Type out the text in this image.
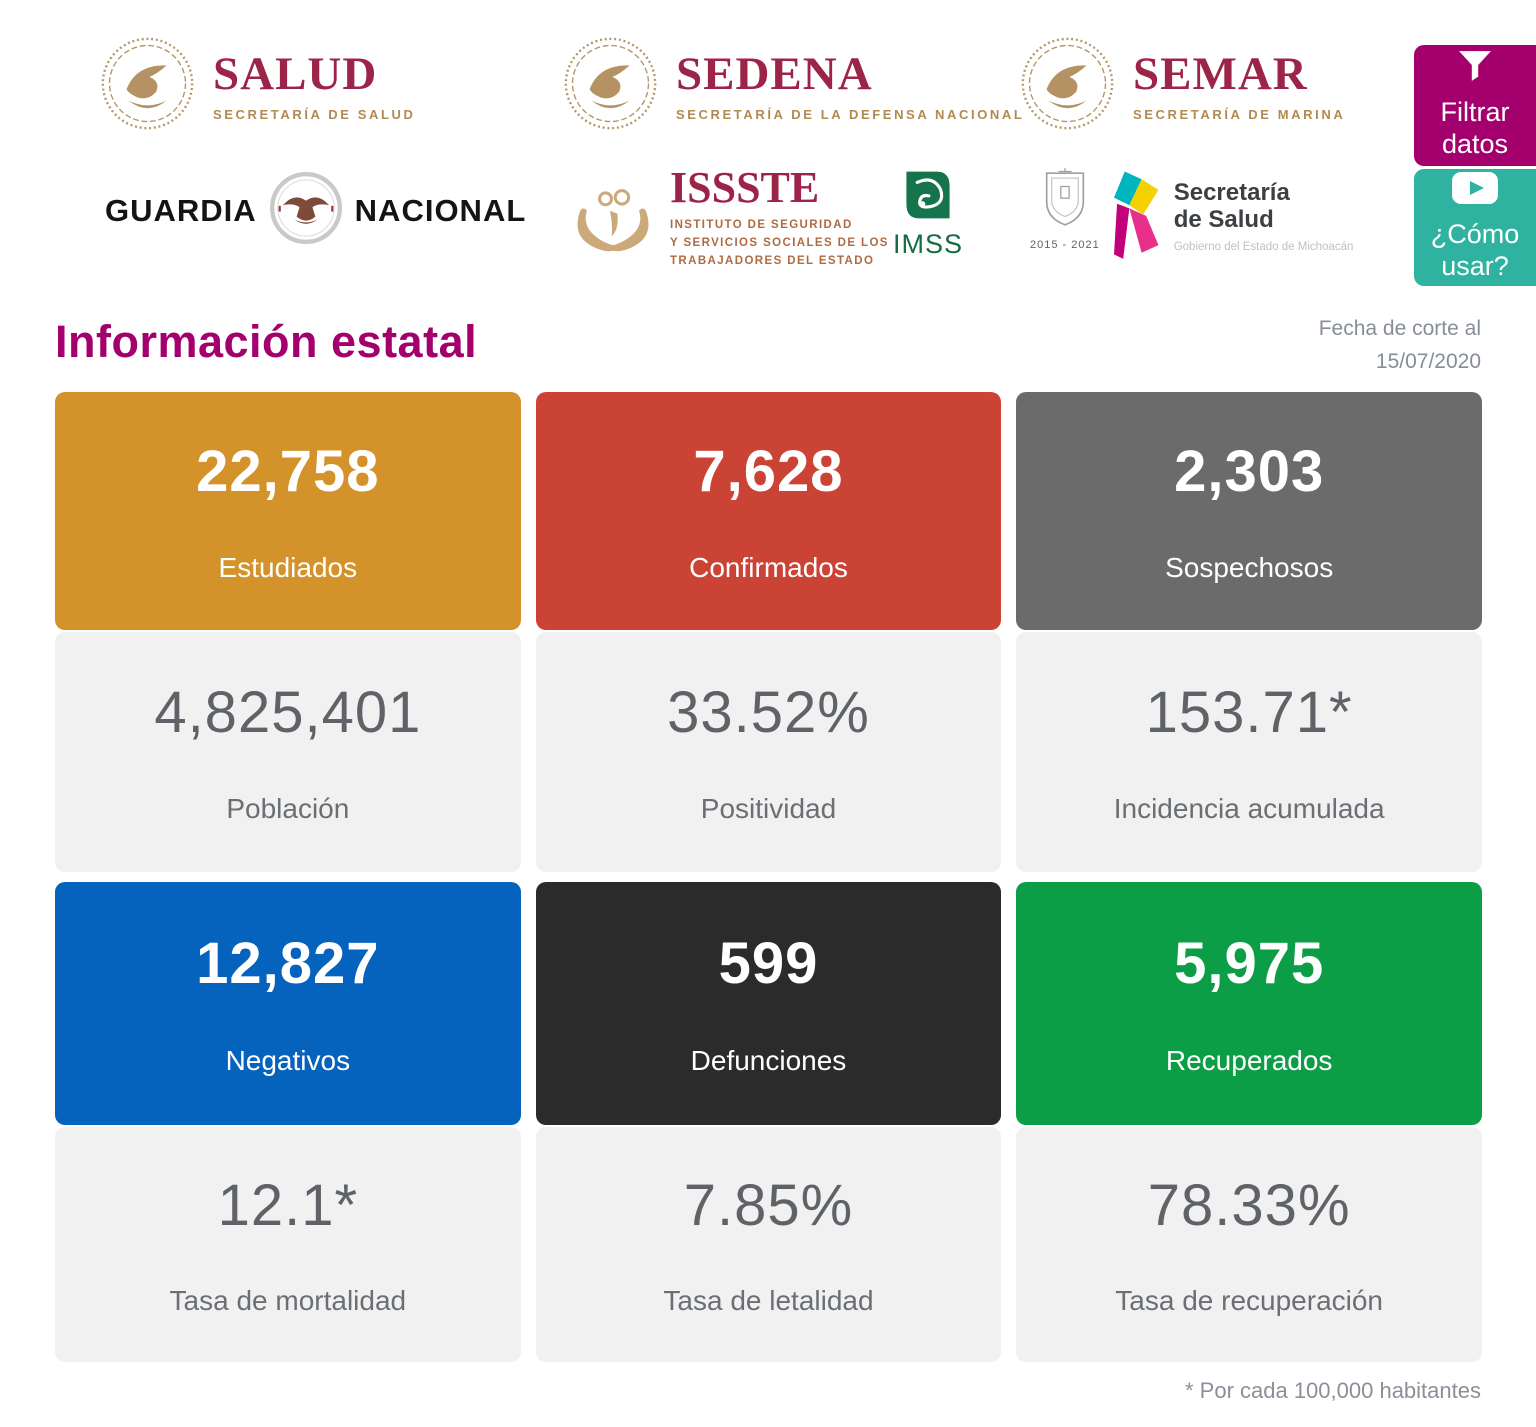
SALUD
SECRETARÍA DE SALUD
SEDENA
SECRETARÍA DE LA DEFENSA NACIONAL
SEMAR
SECRETARÍA DE MARINA
GUARDIA	NACIONAL	ISSSTE
INSTITUTO DE SEGURIDAD
Y SERVICIOS SOCIALES DE LOS
TRABAJADORES DEL ESTADO
IMSS	2015 - 2021
Secretaría
de Salud
Gobierno del Estado de Michoacán
Filtrar datos
¿Cómo usar?
Información estatal	Fecha de corte al
15/07/2020
22,758
Estudiados
4,825,401
Población
12,827
Negativos
12.1*
Tasa de mortalidad
7,628
Confirmados
33.52%
Positividad
599
Defunciones
7.85%
Tasa de letalidad
2,303
Sospechosos
153.71*
Incidencia acumulada
5,975
Recuperados
78.33%
Tasa de recuperación
* Por cada 100,000 habitantes
